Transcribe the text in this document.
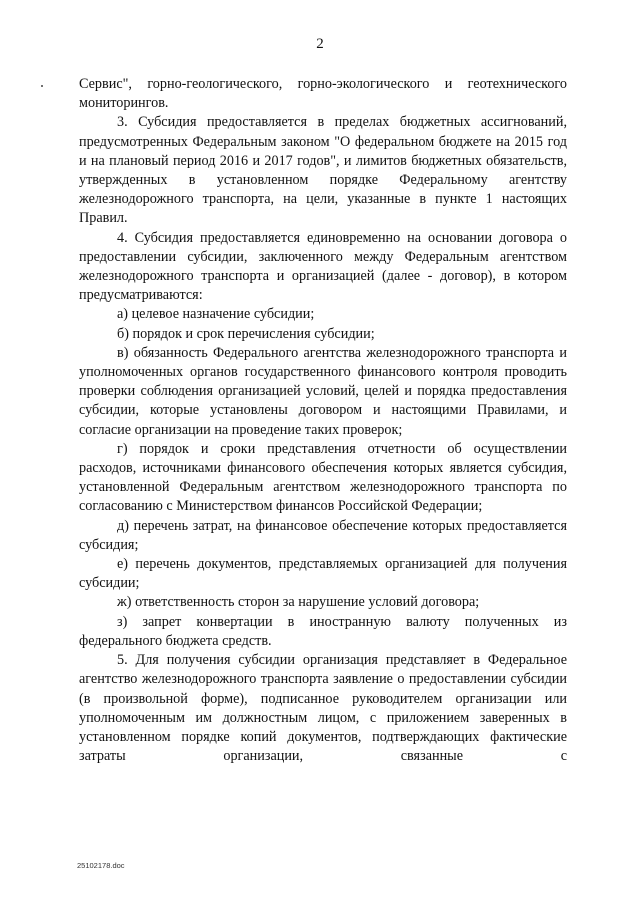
2

Сервис", горно-геологического, горно-экологического и геотехнического мониторингов.

3. Субсидия предоставляется в пределах бюджетных ассигнований, предусмотренных Федеральным законом "О федеральном бюджете на 2015 год и на плановый период 2016 и 2017 годов", и лимитов бюджетных обязательств, утвержденных в установленном порядке Федеральному агентству железнодорожного транспорта, на цели, указанные в пункте 1 настоящих Правил.

4. Субсидия предоставляется единовременно на основании договора о предоставлении субсидии, заключенного между Федеральным агентством железнодорожного транспорта и организацией (далее - договор), в котором предусматриваются:

а) целевое назначение субсидии;

б) порядок и срок перечисления субсидии;

в) обязанность Федерального агентства железнодорожного транспорта и уполномоченных органов государственного финансового контроля проводить проверки соблюдения организацией условий, целей и порядка предоставления субсидии, которые установлены договором и настоящими Правилами, и согласие организации на проведение таких проверок;

г) порядок и сроки представления отчетности об осуществлении расходов, источниками финансового обеспечения которых является субсидия, установленной Федеральным агентством железнодорожного транспорта по согласованию с Министерством финансов Российской Федерации;

д) перечень затрат, на финансовое обеспечение которых предоставляется субсидия;

е) перечень документов, представляемых организацией для получения субсидии;

ж) ответственность сторон за нарушение условий договора;

з) запрет конвертации в иностранную валюту полученных из федерального бюджета средств.

5. Для получения субсидии организация представляет в Федеральное агентство железнодорожного транспорта заявление о предоставлении субсидии (в произвольной форме), подписанное руководителем организации или уполномоченным им должностным лицом, с приложением заверенных в установленном порядке копий документов, подтверждающих фактические затраты организации, связанные с

25102178.doc
